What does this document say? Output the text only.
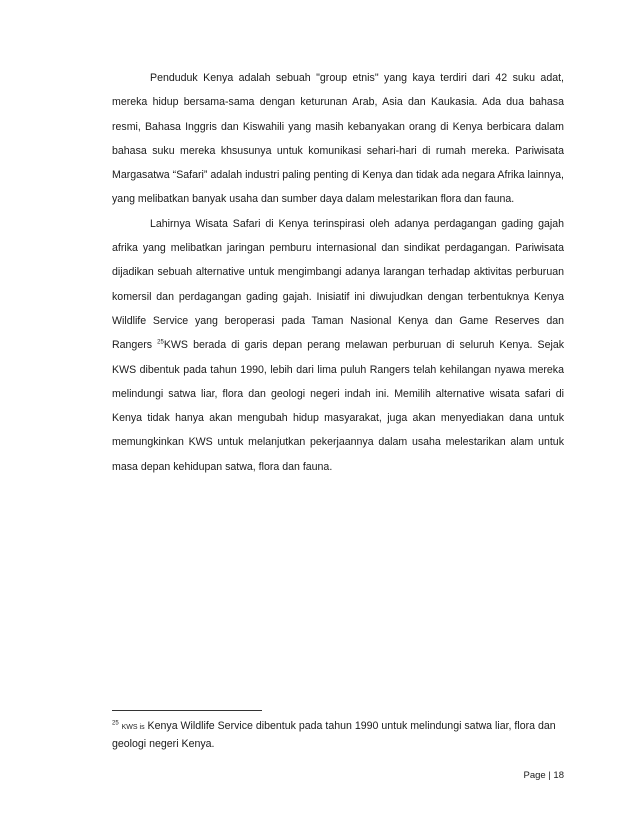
Penduduk Kenya adalah sebuah "group etnis" yang kaya terdiri dari 42 suku adat, mereka hidup bersama-sama dengan keturunan Arab, Asia dan Kaukasia. Ada dua bahasa resmi, Bahasa Inggris dan Kiswahili yang masih kebanyakan orang di Kenya berbicara dalam bahasa suku mereka khsusunya untuk komunikasi sehari-hari di rumah mereka. Pariwisata Margasatwa “Safari” adalah industri paling penting di Kenya dan tidak ada negara Afrika lainnya, yang melibatkan banyak usaha dan sumber daya dalam melestarikan flora dan fauna.

Lahirnya Wisata Safari di Kenya terinspirasi oleh adanya perdagangan gading gajah afrika yang melibatkan jaringan pemburu internasional dan sindikat perdagangan. Pariwisata dijadikan sebuah alternative untuk mengimbangi adanya larangan terhadap aktivitas perburuan komersil dan perdagangan gading gajah. Inisiatif ini diwujudkan dengan terbentuknya Kenya Wildlife Service yang beroperasi pada Taman Nasional Kenya dan Game Reserves dan Rangers $^{25}$KWS berada di garis depan perang melawan perburuan di seluruh Kenya. Sejak KWS dibentuk pada tahun 1990, lebih dari lima puluh Rangers telah kehilangan nyawa mereka melindungi satwa liar, flora dan geologi negeri indah ini. Memilih alternative wisata safari di Kenya tidak hanya akan mengubah hidup masyarakat, juga akan menyediakan dana untuk memungkinkan KWS untuk melanjutkan pekerjaannya dalam usaha melestarikan alam untuk masa depan kehidupan satwa, flora dan fauna.

$^{25}$ KWS is Kenya Wildlife Service dibentuk pada tahun 1990 untuk melindungi satwa liar, flora dan geologi negeri Kenya.
Page | 18
